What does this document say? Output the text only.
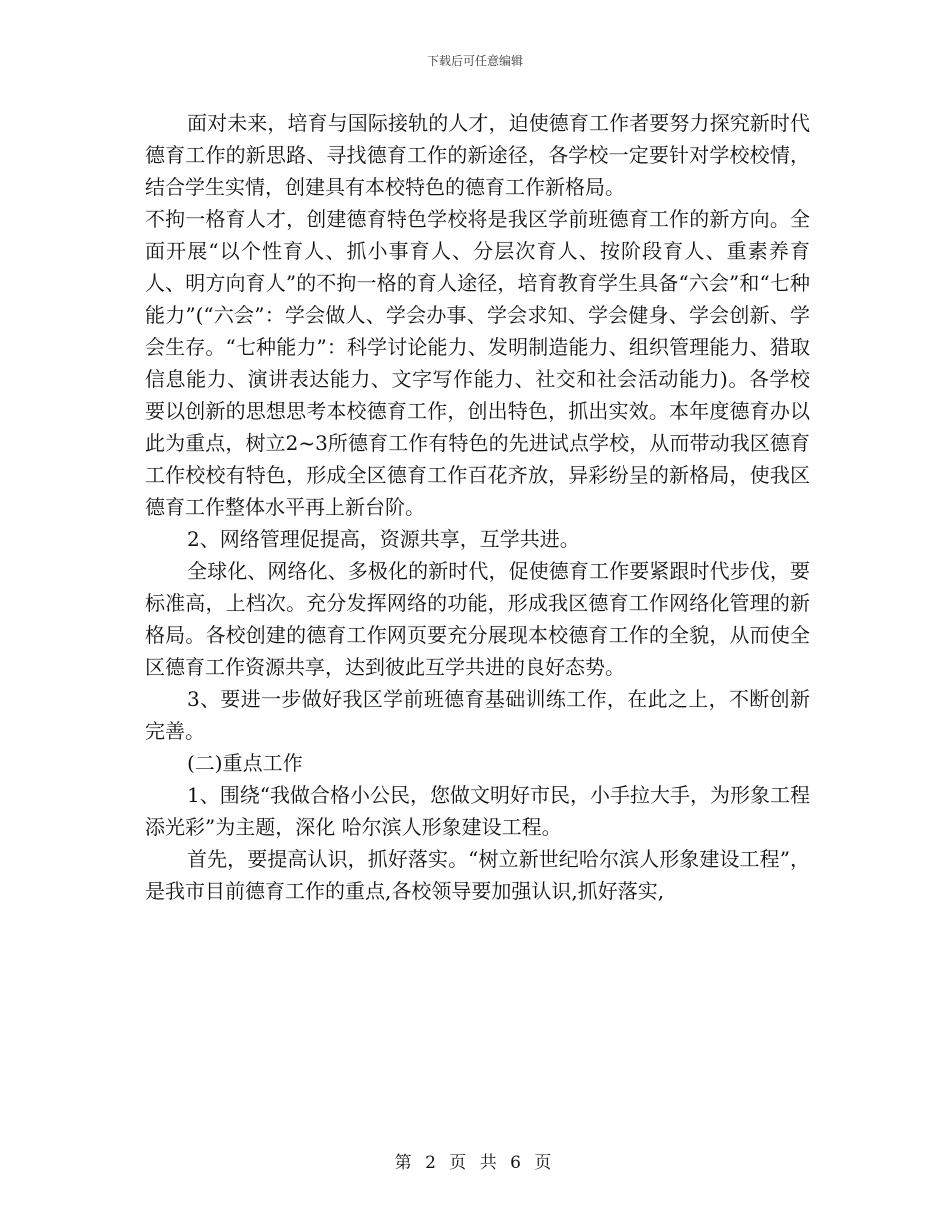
下载后可任意编辑

面对未来，培育与国际接轨的人才，迫使德育工作者要努力探究新时代德育工作的新思路、寻找德育工作的新途径，各学校一定要针对学校校情，结合学生实情，创建具有本校特色的德育工作新格局。

不拘一格育人才，创建德育特色学校将是我区学前班德育工作的新方向。全面开展“以个性育人、抓小事育人、分层次育人、按阶段育人、重素养育人、明方向育人”的不拘一格的育人途径，培育教育学生具备“六会”和“七种能力”(“六会”：学会做人、学会办事、学会求知、学会健身、学会创新、学会生存。“七种能力”：科学讨论能力、发明制造能力、组织管理能力、猎取信息能力、演讲表达能力、文字写作能力、社交和社会活动能力)。各学校要以创新的思想思考本校德育工作，创出特色，抓出实效。本年度德育办以此为重点，树立2~3所德育工作有特色的先进试点学校，从而带动我区德育工作校校有特色，形成全区德育工作百花齐放，异彩纷呈的新格局，使我区德育工作整体水平再上新台阶。

2、网络管理促提高，资源共享，互学共进。

全球化、网络化、多极化的新时代，促使德育工作要紧跟时代步伐，要标准高，上档次。充分发挥网络的功能，形成我区德育工作网络化管理的新格局。各校创建的德育工作网页要充分展现本校德育工作的全貌，从而使全区德育工作资源共享，达到彼此互学共进的良好态势。

3、要进一步做好我区学前班德育基础训练工作，在此之上，不断创新完善。

(二)重点工作

1、围绕“我做合格小公民，您做文明好市民，小手拉大手，为形象工程添光彩”为主题，深化 哈尔滨人形象建设工程。

首先，要提高认识，抓好落实。“树立新世纪哈尔滨人形象建设工程”，是我市目前德育工作的重点,各校领导要加强认识,抓好落实,

第 2 页 共 6 页
